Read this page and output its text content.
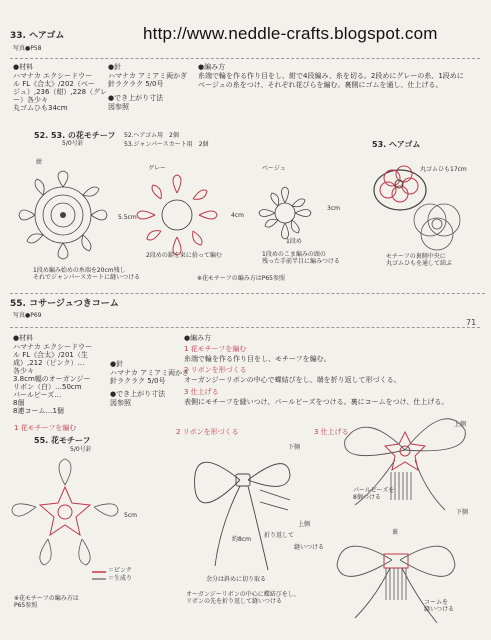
http://www.neddle-crafts.blogspot.com
33. ヘアゴム
写真●P58
●材料
ハマナカ エクシードウー
ル FL《合太》/202（ベー
ジュ）,236（紺）,228（グレ
ー）各少々
丸ゴムひも34cm
●針
ハマナカ アミアミ両かぎ
針ラクラク 5/0号
●でき上がり寸法
図参照
●編み方
糸端で輪を作る作り目をし、紺で4段編み、糸を切る。2段めにグレーの糸、1段めに
ベージュの糸をつけ、それぞれ花びらを編む。裏側にゴムを通し、仕上げる。
52. 53. の花モチーフ
5/0号針
52.ヘアゴム用　2個
53.ジャンパースカート用　2個
紺
グレー	ベージュ
5.5cm	4cm
3cm
2段めの鎖を束に拾って編む
1段め
1段めのこま編みの頭の
残った手前半目に編みつける
1段め編み始めの糸端を20cm残し
それでジャンパースカートに縫いつける	※花モチーフの編み方はP65参照
53. ヘアゴム
丸ゴムひも17cm
モチーフの裏側中央に
丸ゴムひもを通して結ぶ
55. コサージュつきコーム
写真●P69
71
●材料
ハマナカ エクシードウー
ル FL《合太》/201（生
成）,212（ピンク）…
各少々
3.8cm幅のオーガンジー
リボン（白）…50cm
パールビーズ…
8個
8連コーム…1個
●針
ハマナカ アミアミ両かぎ
針ラクラク 5/0号
●でき上がり寸法
図参照
●編み方
1 花モチーフを編む
糸端で輪を作る作り目をし、モチーフを編む。
2 リボンを形づくる
オーガンジーリボンの中心で蝶結びをし、端を折り返して形づくる。
3 仕上げる
表側にモチーフを縫いつけ、パールビーズをつける。裏にコームをつけ、仕上げる。
1 花モチーフを編む
55. 花モチーフ
5/0号針
5cm
＝ピンク
＝生成り
※花モチーフの編み方は
P65参照
2 リボンを形づくる
下側
上側
約8cm
折り返して
縫いつける
余分は斜めに切り取る
オーガンジーリボンの中心に蝶結びをし、
リボンの先を折り返して縫いつける
3 仕上げる
上側
パールビーズを
8個つける
下側
裏
コームを
縫いつける
